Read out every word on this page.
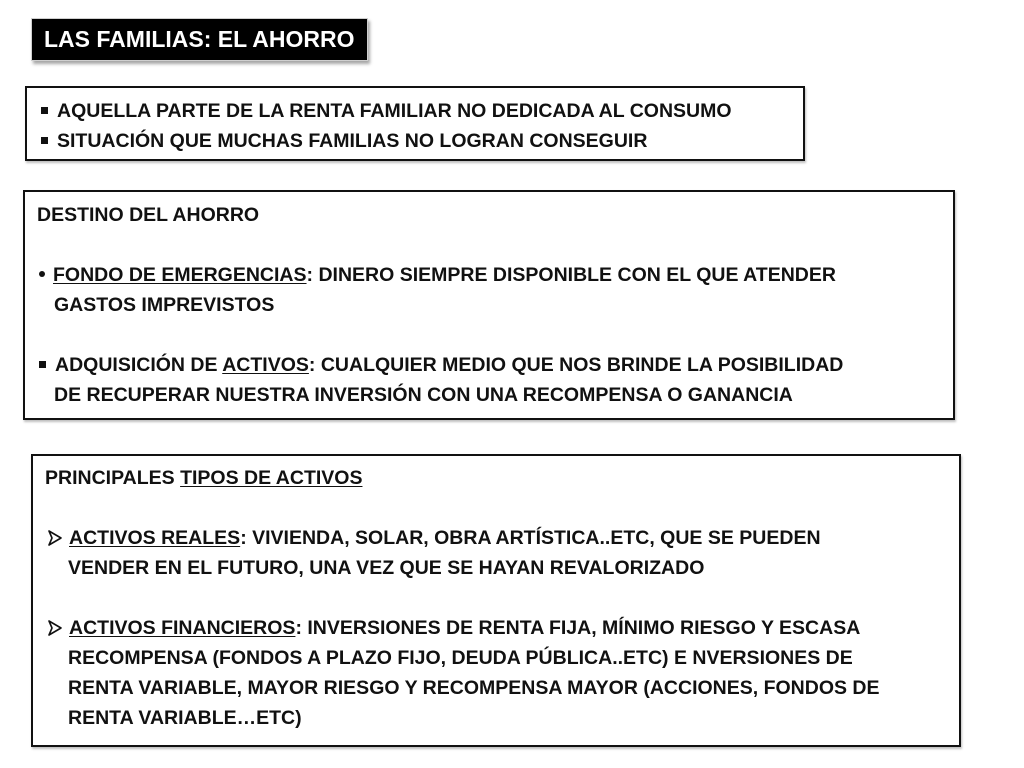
LAS FAMILIAS: EL AHORRO
AQUELLA PARTE DE LA RENTA FAMILIAR NO DEDICADA AL CONSUMO
SITUACIÓN QUE MUCHAS FAMILIAS NO LOGRAN CONSEGUIR
DESTINO DEL AHORRO
FONDO DE EMERGENCIAS: DINERO SIEMPRE DISPONIBLE CON EL QUE ATENDER
GASTOS IMPREVISTOS
ADQUISICIÓN DE ACTIVOS: CUALQUIER MEDIO QUE NOS BRINDE LA POSIBILIDAD
DE RECUPERAR NUESTRA INVERSIÓN CON UNA RECOMPENSA O GANANCIA
PRINCIPALES TIPOS DE ACTIVOS
ACTIVOS REALES: VIVIENDA, SOLAR, OBRA ARTÍSTICA..ETC, QUE SE PUEDEN
VENDER EN EL FUTURO, UNA VEZ QUE SE HAYAN REVALORIZADO
ACTIVOS FINANCIEROS: INVERSIONES DE RENTA FIJA, MÍNIMO RIESGO Y ESCASA
RECOMPENSA (FONDOS A PLAZO FIJO, DEUDA PÚBLICA..ETC) E NVERSIONES DE
RENTA VARIABLE, MAYOR RIESGO Y RECOMPENSA MAYOR (ACCIONES, FONDOS DE
RENTA VARIABLE…ETC)
